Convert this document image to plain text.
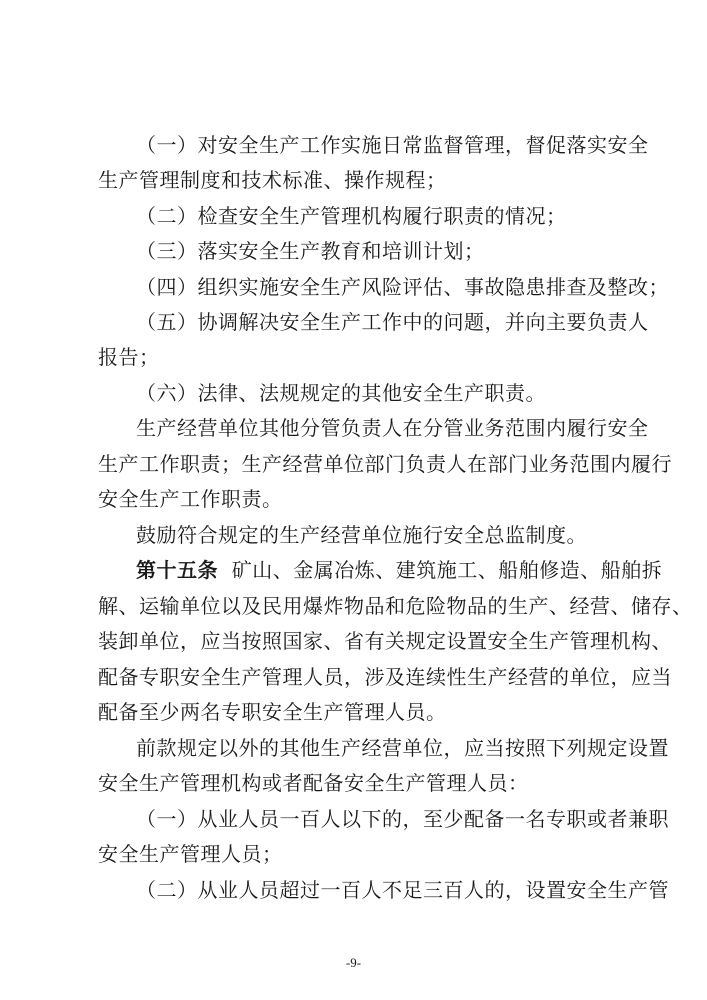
（一）对安全生产工作实施日常监督管理，督促落实安全
生产管理制度和技术标准、操作规程；
（二）检查安全生产管理机构履行职责的情况；
（三）落实安全生产教育和培训计划；
（四）组织实施安全生产风险评估、事故隐患排查及整改；
（五）协调解决安全生产工作中的问题，并向主要负责人
报告；
（六）法律、法规规定的其他安全生产职责。
生产经营单位其他分管负责人在分管业务范围内履行安全
生产工作职责；生产经营单位部门负责人在部门业务范围内履行
安全生产工作职责。
鼓励符合规定的生产经营单位施行安全总监制度。
第十五条 矿山、金属冶炼、建筑施工、船舶修造、船舶拆
解、运输单位以及民用爆炸物品和危险物品的生产、经营、储存、
装卸单位，应当按照国家、省有关规定设置安全生产管理机构、
配备专职安全生产管理人员，涉及连续性生产经营的单位，应当
配备至少两名专职安全生产管理人员。
前款规定以外的其他生产经营单位，应当按照下列规定设置
安全生产管理机构或者配备安全生产管理人员：
（一）从业人员一百人以下的，至少配备一名专职或者兼职
安全生产管理人员；
（二）从业人员超过一百人不足三百人的，设置安全生产管
-9-
